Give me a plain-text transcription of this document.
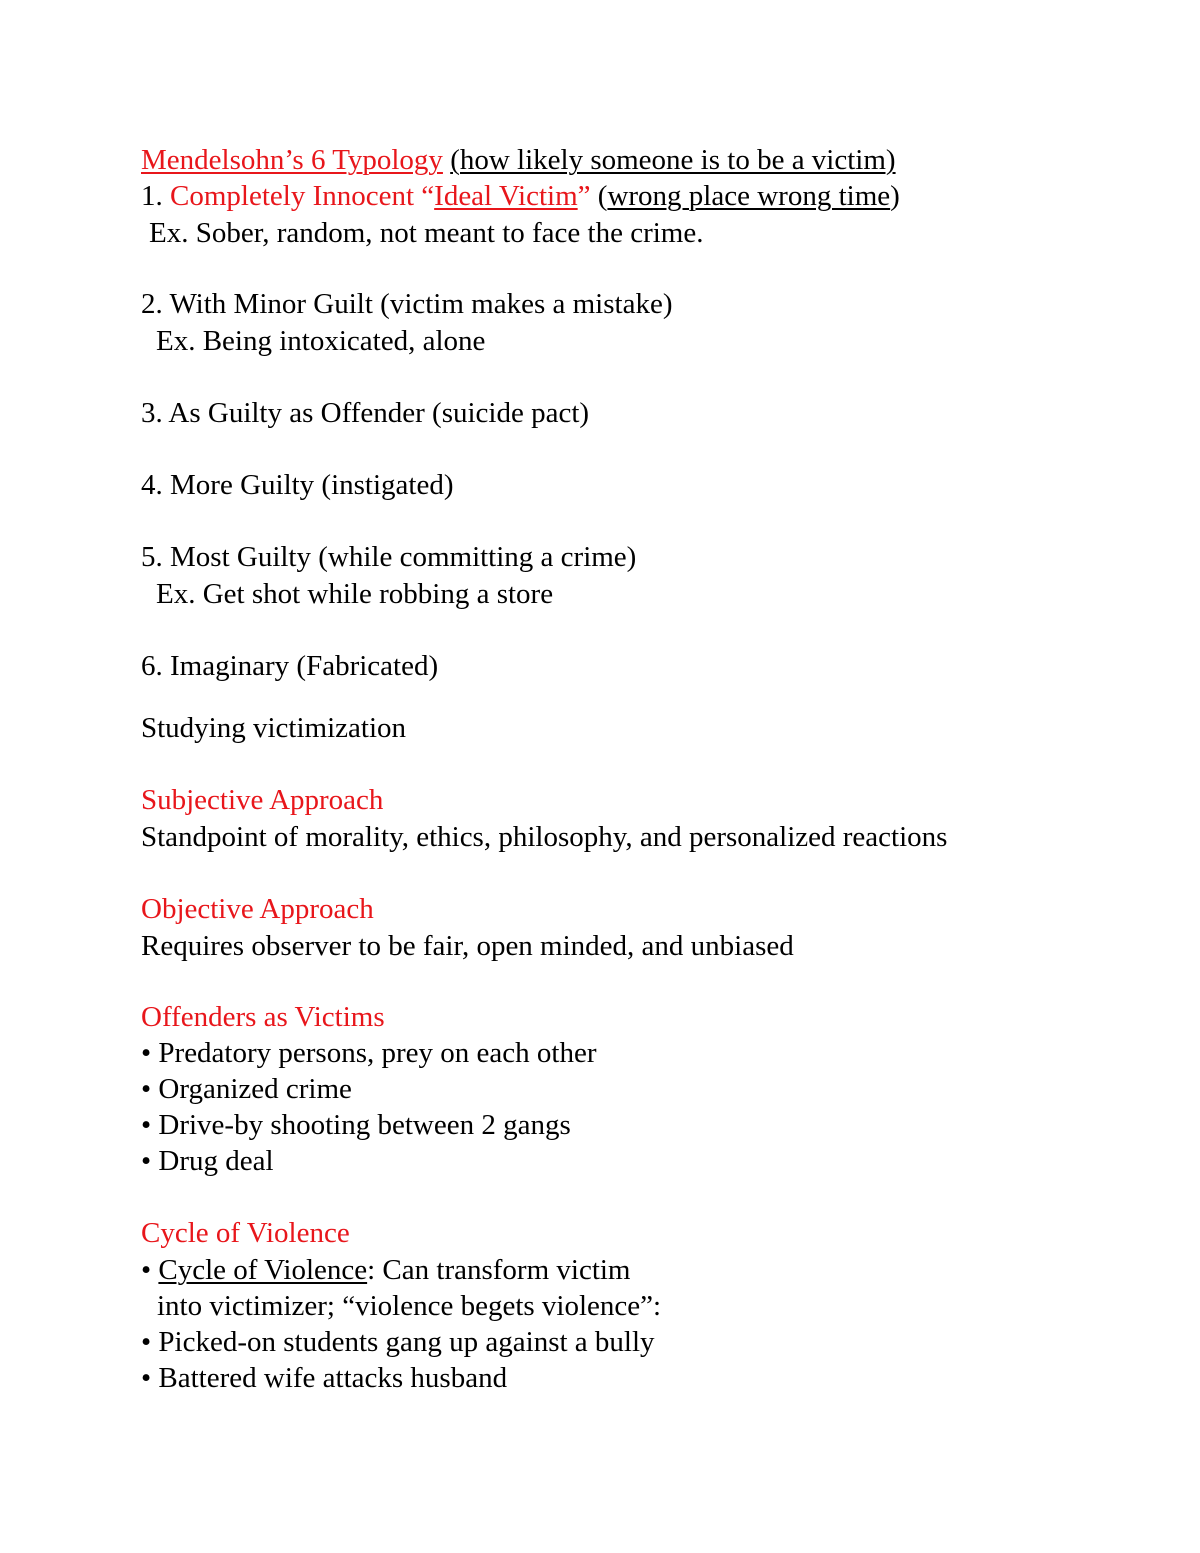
Mendelsohn’s 6 Typology (how likely someone is to be a victim)
1. Completely Innocent “Ideal Victim” (wrong place wrong time)
Ex. Sober, random, not meant to face the crime.
2. With Minor Guilt (victim makes a mistake)
Ex. Being intoxicated, alone
3. As Guilty as Offender (suicide pact)
4. More Guilty (instigated)
5. Most Guilty (while committing a crime)
Ex. Get shot while robbing a store
6. Imaginary (Fabricated)
Studying victimization
Subjective Approach
Standpoint of morality, ethics, philosophy, and personalized reactions
Objective Approach
Requires observer to be fair, open minded, and unbiased
Offenders as Victims
• Predatory persons, prey on each other
• Organized crime
• Drive-by shooting between 2 gangs
• Drug deal
Cycle of Violence
• Cycle of Violence: Can transform victim
into victimizer; “violence begets violence”:
• Picked-on students gang up against a bully
• Battered wife attacks husband
